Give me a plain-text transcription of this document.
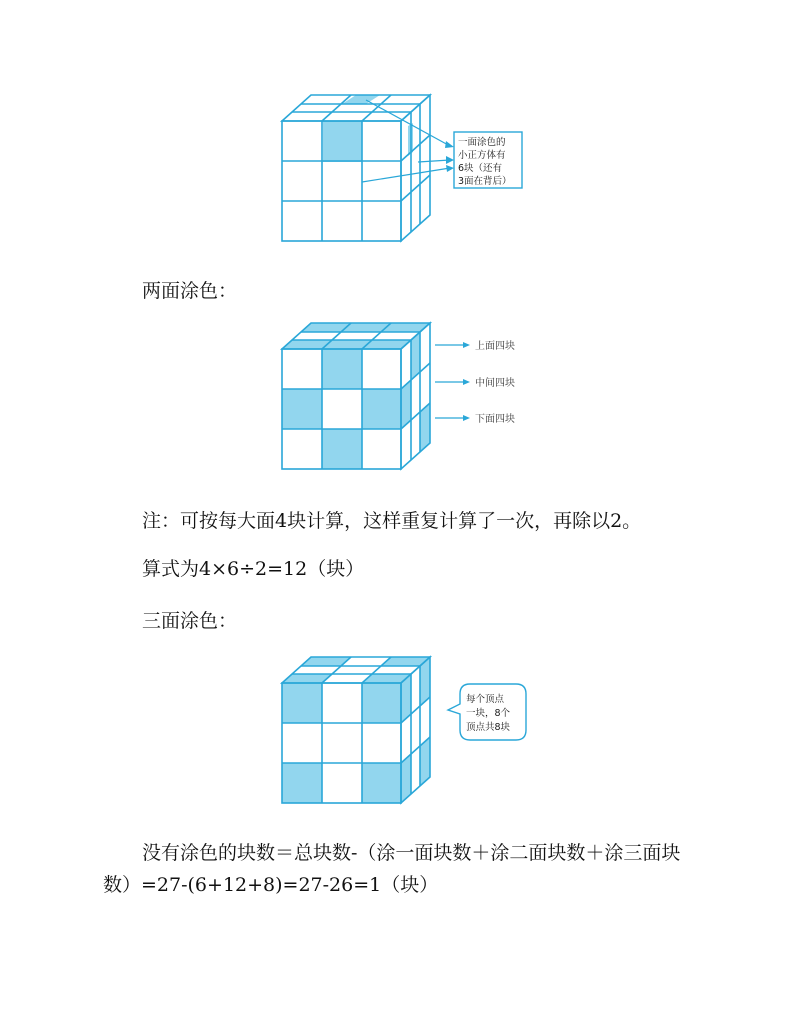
一面涂色的
小正方体有
6块（还有
3面在背后）
两面涂色：
上面四块
中间四块
下面四块
注：可按每大面4块计算，这样重复计算了一次，再除以2。
算式为4×6÷2=12（块）
三面涂色：
每个顶点
一块，8个
顶点共8块
没有涂色的块数＝总块数-（涂一面块数＋涂二面块数＋涂三面块
数）=27-(6+12+8)=27-26=1（块）
